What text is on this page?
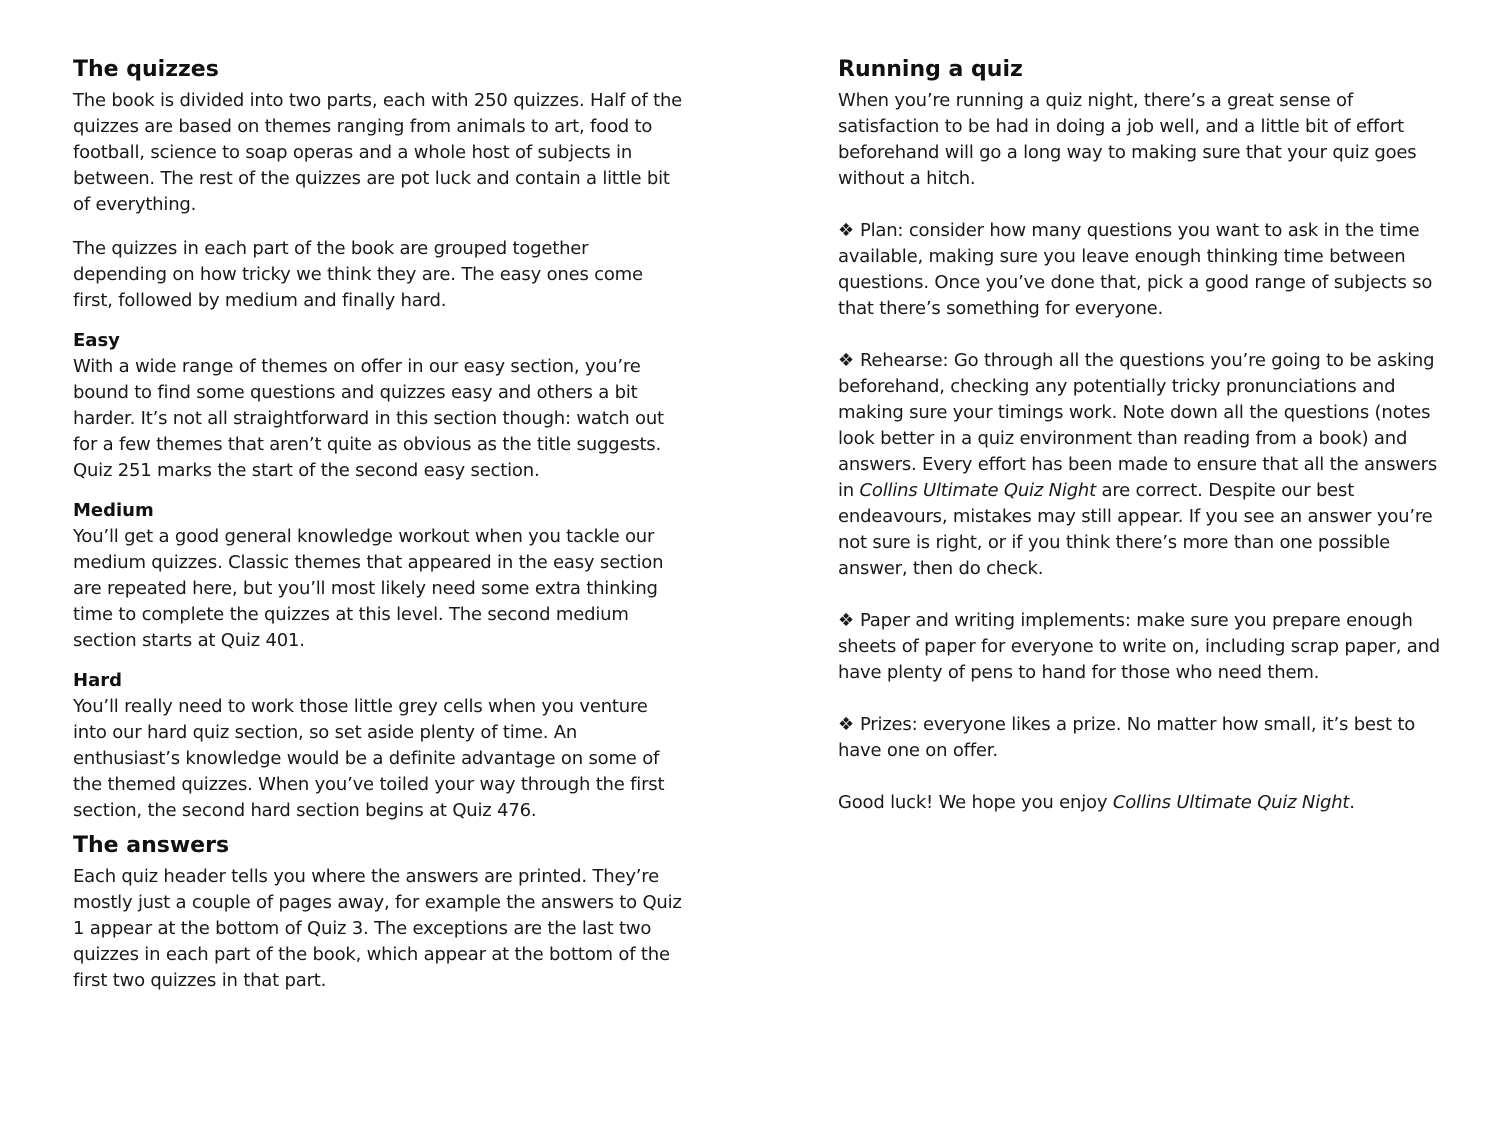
The quizzes

The book is divided into two parts, each with 250 quizzes. Half of the quizzes are based on themes ranging from animals to art, food to football, science to soap operas and a whole host of subjects in between. The rest of the quizzes are pot luck and contain a little bit of everything.

The quizzes in each part of the book are grouped together depending on how tricky we think they are. The easy ones come first, followed by medium and finally hard.

Easy

With a wide range of themes on offer in our easy section, you’re bound to find some questions and quizzes easy and others a bit harder. It’s not all straightforward in this section though: watch out for a few themes that aren’t quite as obvious as the title suggests. Quiz 251 marks the start of the second easy section.

Medium

You’ll get a good general knowledge workout when you tackle our medium quizzes. Classic themes that appeared in the easy section are repeated here, but you’ll most likely need some extra thinking time to complete the quizzes at this level. The second medium section starts at Quiz 401.

Hard

You’ll really need to work those little grey cells when you venture into our hard quiz section, so set aside plenty of time. An enthusiast’s knowledge would be a definite advantage on some of the themed quizzes. When you’ve toiled your way through the first section, the second hard section begins at Quiz 476.

The answers

Each quiz header tells you where the answers are printed. They’re mostly just a couple of pages away, for example the answers to Quiz 1 appear at the bottom of Quiz 3. The exceptions are the last two quizzes in each part of the book, which appear at the bottom of the first two quizzes in that part.

Running a quiz

When you’re running a quiz night, there’s a great sense of satisfaction to be had in doing a job well, and a little bit of effort beforehand will go a long way to making sure that your quiz goes without a hitch.

❖ Plan: consider how many questions you want to ask in the time available, making sure you leave enough thinking time between questions. Once you’ve done that, pick a good range of subjects so that there’s something for everyone.

❖ Rehearse: Go through all the questions you’re going to be asking beforehand, checking any potentially tricky pronunciations and making sure your timings work. Note down all the questions (notes look better in a quiz environment than reading from a book) and answers. Every effort has been made to ensure that all the answers in Collins Ultimate Quiz Night are correct. Despite our best endeavours, mistakes may still appear. If you see an answer you’re not sure is right, or if you think there’s more than one possible answer, then do check.

❖ Paper and writing implements: make sure you prepare enough sheets of paper for everyone to write on, including scrap paper, and have plenty of pens to hand for those who need them.

❖ Prizes: everyone likes a prize. No matter how small, it’s best to have one on offer.

Good luck! We hope you enjoy Collins Ultimate Quiz Night.
